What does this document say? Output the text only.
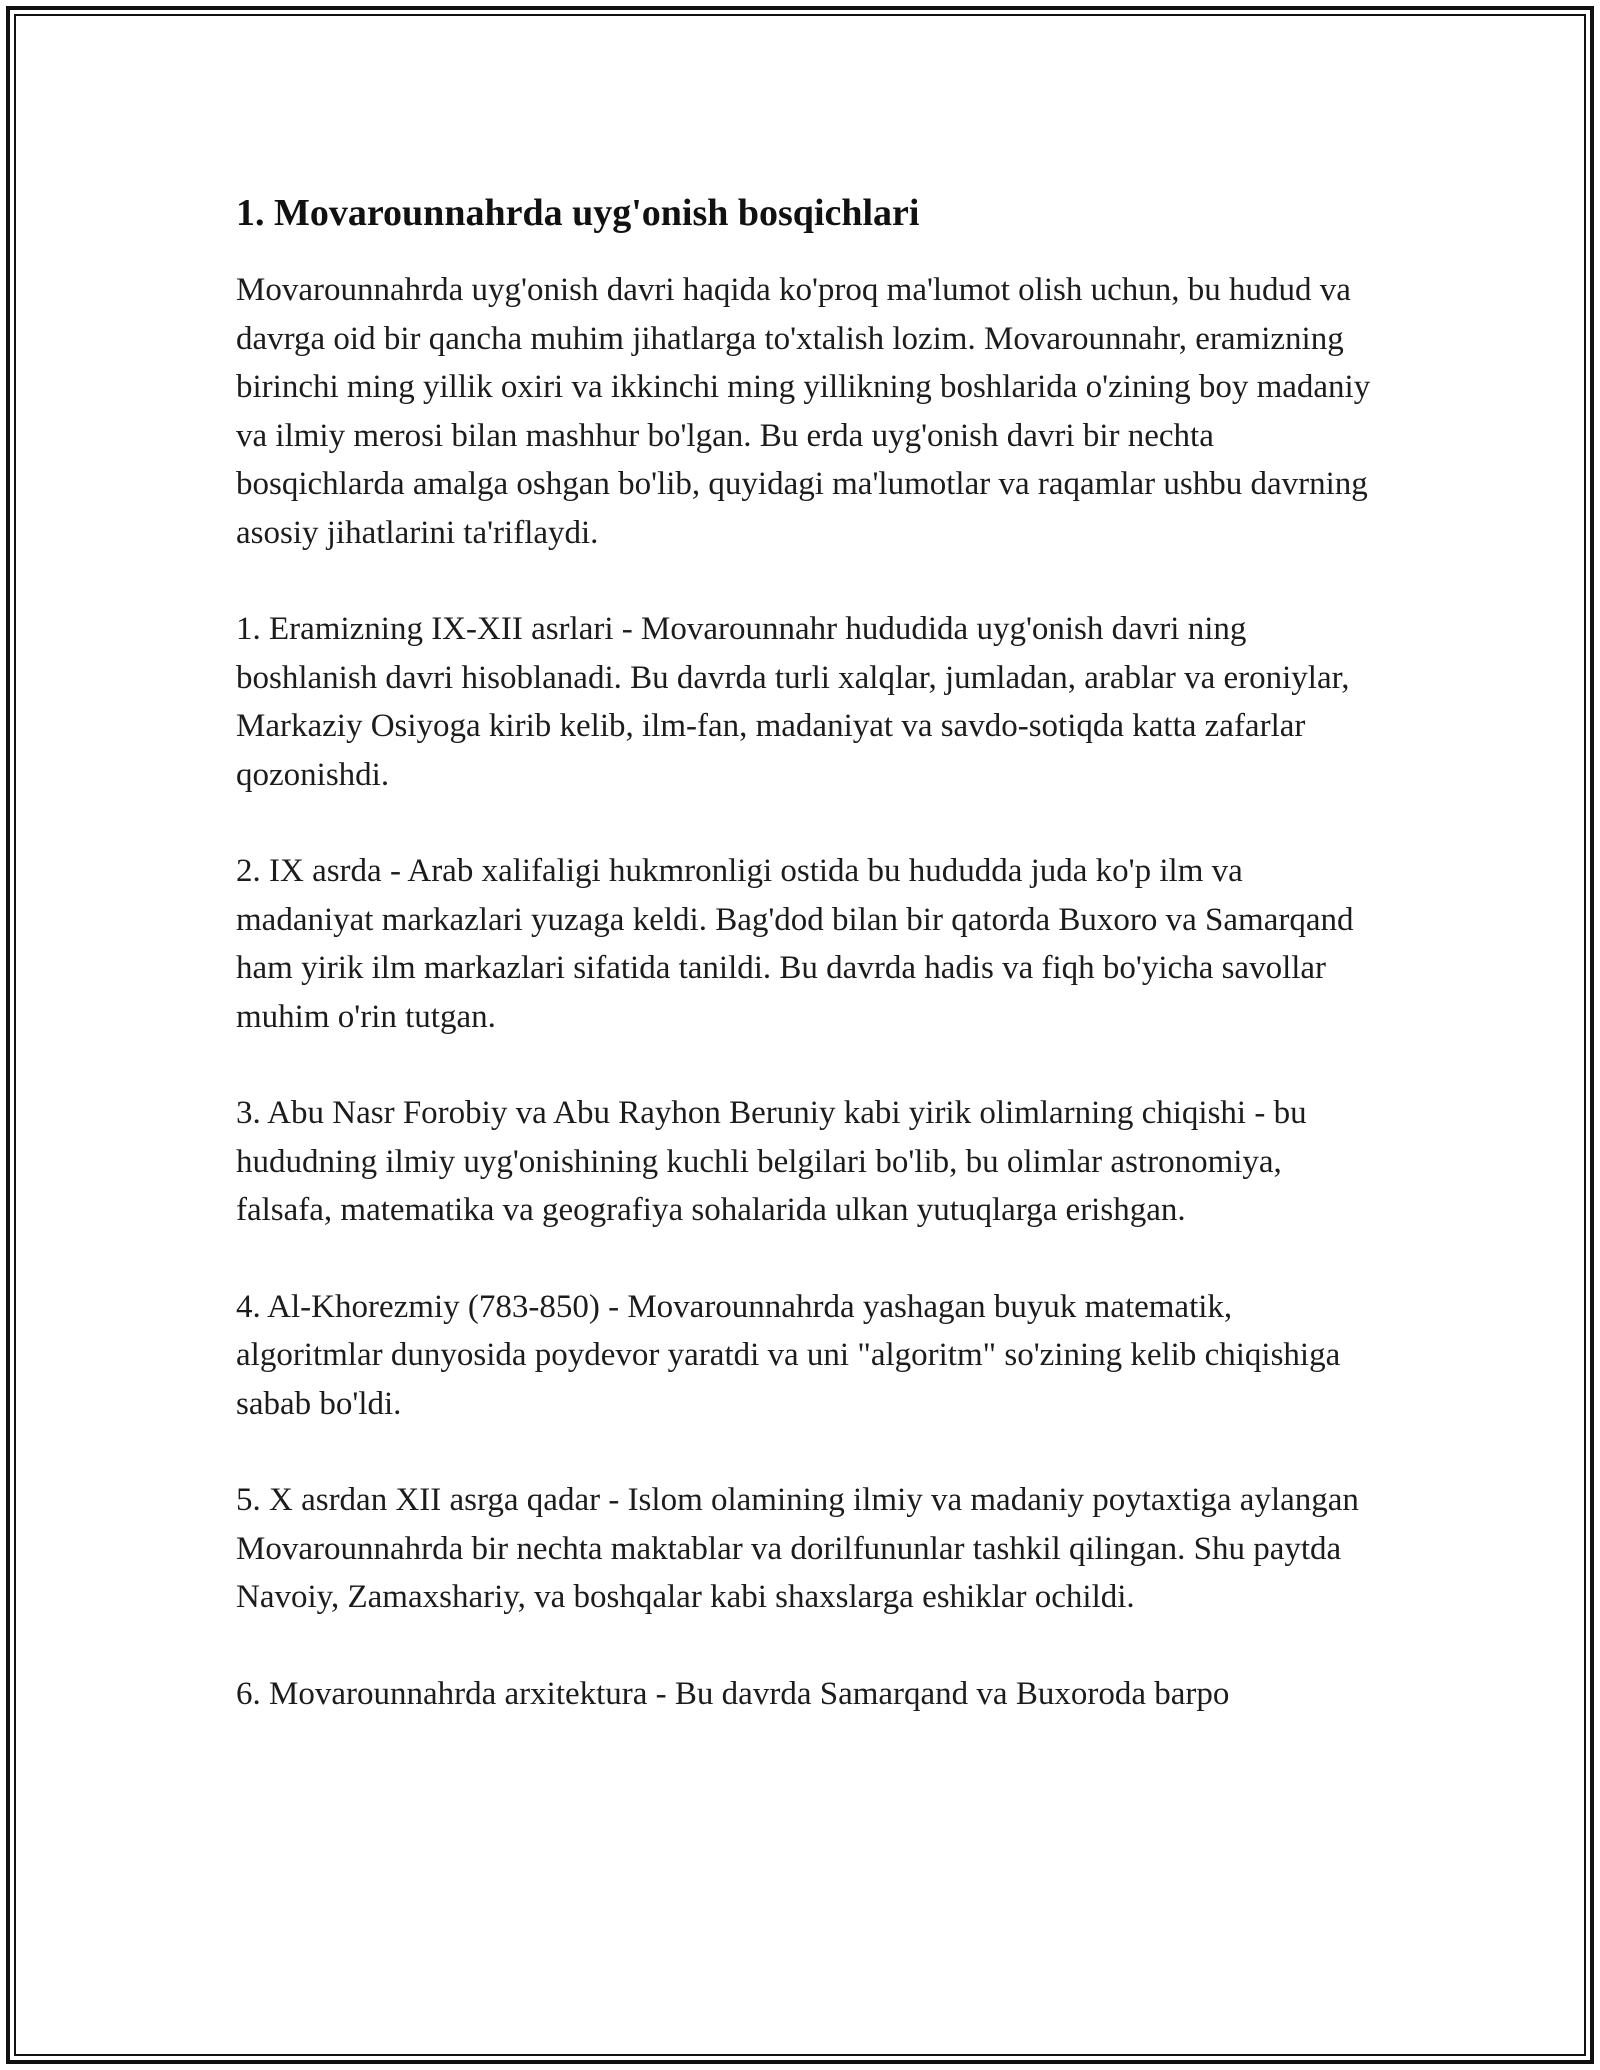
1. Movarounnahrda uyg'onish bosqichlari

Movarounnahrda uyg'onish davri haqida ko'proq ma'lumot olish uchun, bu hudud va davrga oid bir qancha muhim jihatlarga to'xtalish lozim. Movarounnahr, eramizning birinchi ming yillik oxiri va ikkinchi ming yillikning boshlarida o'zining boy madaniy va ilmiy merosi bilan mashhur bo'lgan. Bu erda uyg'onish davri bir nechta bosqichlarda amalga oshgan bo'lib, quyidagi ma'lumotlar va raqamlar ushbu davrning asosiy jihatlarini ta'riflaydi.

1. Eramizning IX-XII asrlari - Movarounnahr hududida uyg'onish davri ning boshlanish davri hisoblanadi. Bu davrda turli xalqlar, jumladan, arablar va eroniylar, Markaziy Osiyoga kirib kelib, ilm-fan, madaniyat va savdo-sotiqda katta zafarlar qozonishdi.

2. IX asrda - Arab xalifaligi hukmronligi ostida bu hududda juda ko'p ilm va madaniyat markazlari yuzaga keldi. Bag'dod bilan bir qatorda Buxoro va Samarqand ham yirik ilm markazlari sifatida tanildi. Bu davrda hadis va fiqh bo'yicha savollar muhim o'rin tutgan.

3. Abu Nasr Forobiy va Abu Rayhon Beruniy kabi yirik olimlarning chiqishi - bu hududning ilmiy uyg'onishining kuchli belgilari bo'lib, bu olimlar astronomiya, falsafa, matematika va geografiya sohalarida ulkan yutuqlarga erishgan.

4. Al-Khorezmiy (783-850) - Movarounnahrda yashagan buyuk matematik, algoritmlar dunyosida poydevor yaratdi va uni "algoritm" so'zining kelib chiqishiga sabab bo'ldi.

5. X asrdan XII asrga qadar - Islom olamining ilmiy va madaniy poytaxtiga aylangan Movarounnahrda bir nechta maktablar va dorilfununlar tashkil qilingan. Shu paytda Navoiy, Zamaxshariy, va boshqalar kabi shaxslarga eshiklar ochildi.

6. Movarounnahrda arxitektura - Bu davrda Samarqand va Buxoroda barpo
